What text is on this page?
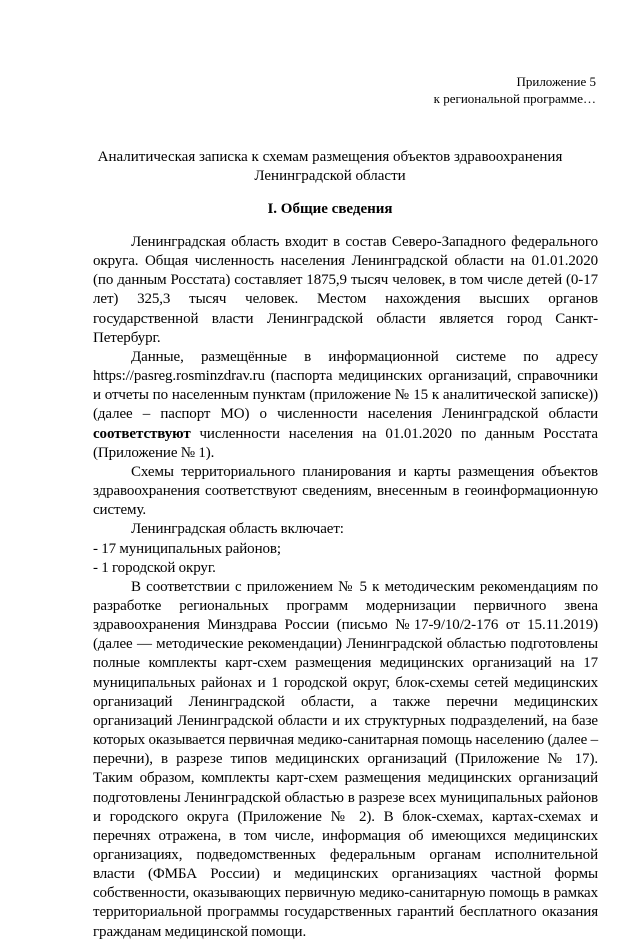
Приложение 5
к региональной программе…
Аналитическая записка к схемам размещения объектов здравоохранения
Ленинградской области
I. Общие сведения

Ленинградская область входит в состав Северо-Западного федерального округа. Общая численность населения Ленинградской области на 01.01.2020 (по данным Росстата) составляет 1875,9 тысяч человек, в том числе детей (0-17 лет) 325,3 тысяч человек. Местом нахождения высших органов государственной власти Ленинградской области является город Санкт-Петербург.

Данные, размещённые в информационной системе по адресу https://pasreg.rosminzdrav.ru (паспорта медицинских организаций, справочники и отчеты по населенным пунктам (приложение № 15 к аналитической записке)) (далее – паспорт МО) о численности населения Ленинградской области соответствуют численности населения на 01.01.2020 по данным Росстата (Приложение № 1).

Схемы территориального планирования и карты размещения объектов здравоохранения соответствуют сведениям, внесенным в геоинформационную систему.

Ленинградская область включает:

- 17 муниципальных районов;

- 1 городской округ.

В соответствии с приложением № 5 к методическим рекомендациям по разработке региональных программ модернизации первичного звена здравоохранения Минздрава России (письмо №17-9/10/2-176 от 15.11.2019) (далее — методические рекомендации) Ленинградской областью подготовлены полные комплекты карт-схем размещения медицинских организаций на 17 муниципальных районах и 1 городской округ, блок-схемы сетей медицинских организаций Ленинградской области, а также перечни медицинских организаций Ленинградской области и их структурных подразделений, на базе которых оказывается первичная медико-санитарная помощь населению (далее – перечни), в разрезе типов медицинских организаций (Приложение № 17). Таким образом, комплекты карт-схем размещения медицинских организаций подготовлены Ленинградской областью в разрезе всех муниципальных районов и городского округа (Приложение № 2). В блок-схемах, картах-схемах и перечнях отражена, в том числе, информация об имеющихся медицинских организациях, подведомственных федеральным органам исполнительной власти (ФМБА России) и медицинских организациях частной формы собственности, оказывающих первичную медико-санитарную помощь в рамках территориальной программы государственных гарантий бесплатного оказания гражданам медицинской помощи.
